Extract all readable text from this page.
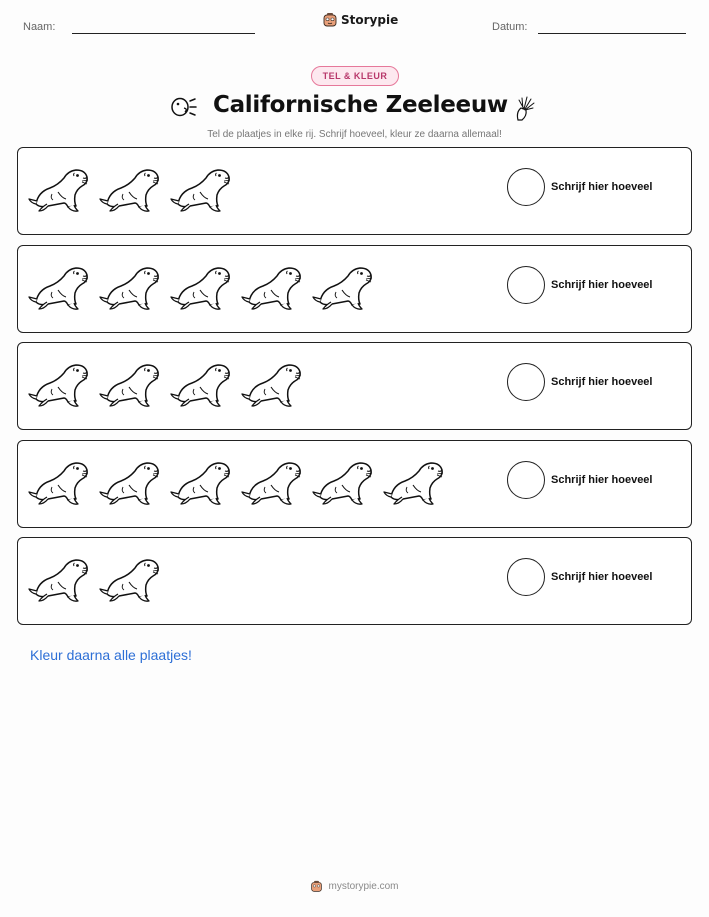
Naam:	Storypie	Datum:
TEL & KLEUR
Californische Zeeleeuw
Tel de plaatjes in elke rij. Schrijf hoeveel, kleur ze daarna allemaal!
Schrijf hier hoeveel
Schrijf hier hoeveel
Schrijf hier hoeveel
Schrijf hier hoeveel
Schrijf hier hoeveel
Kleur daarna alle plaatjes!
mystorypie.com
